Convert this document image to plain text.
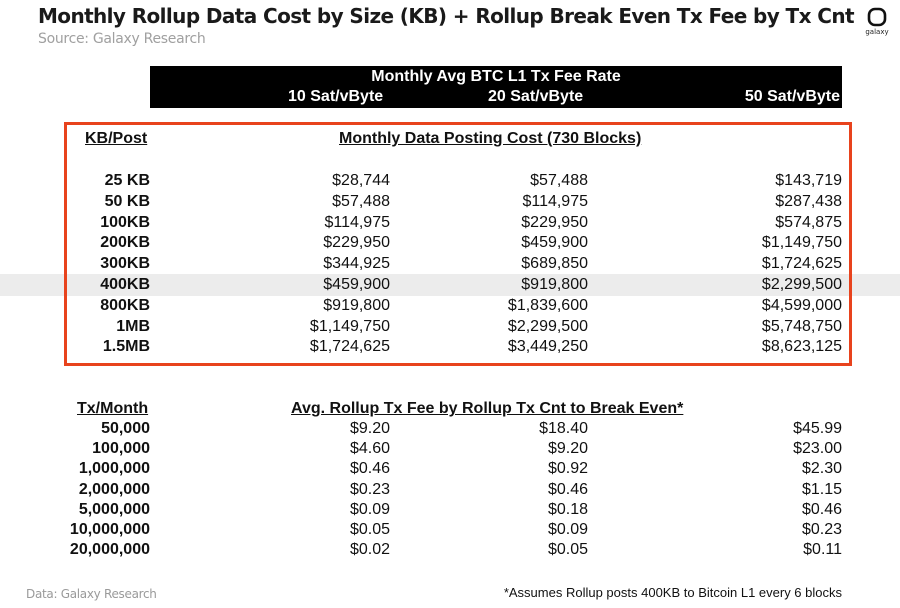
Monthly Rollup Data Cost by Size (KB) + Rollup Break Even Tx Fee by Tx Cnt
Source: Galaxy Research	galaxy
Monthly Avg BTC L1 Tx Fee Rate
10 Sat/vByte	20 Sat/vByte	50 Sat/vByte
KB/Post	Monthly Data Posting Cost (730 Blocks)
25 KB	$28,744	$57,488	$143,719
50 KB	$57,488	$114,975	$287,438
100KB	$114,975	$229,950	$574,875
200KB	$229,950	$459,900	$1,149,750
300KB	$344,925	$689,850	$1,724,625
400KB	$459,900	$919,800	$2,299,500
800KB	$919,800	$1,839,600	$4,599,000
1MB	$1,149,750	$2,299,500	$5,748,750
1.5MB	$1,724,625	$3,449,250	$8,623,125
Tx/Month	Avg. Rollup Tx Fee by Rollup Tx Cnt to Break Even*
50,000	$9.20	$18.40	$45.99
100,000	$4.60	$9.20	$23.00
1,000,000	$0.46	$0.92	$2.30
2,000,000	$0.23	$0.46	$1.15
5,000,000	$0.09	$0.18	$0.46
10,000,000	$0.05	$0.09	$0.23
20,000,000	$0.02	$0.05	$0.11
Data: Galaxy Research	*Assumes Rollup posts 400KB to Bitcoin L1 every 6 blocks
